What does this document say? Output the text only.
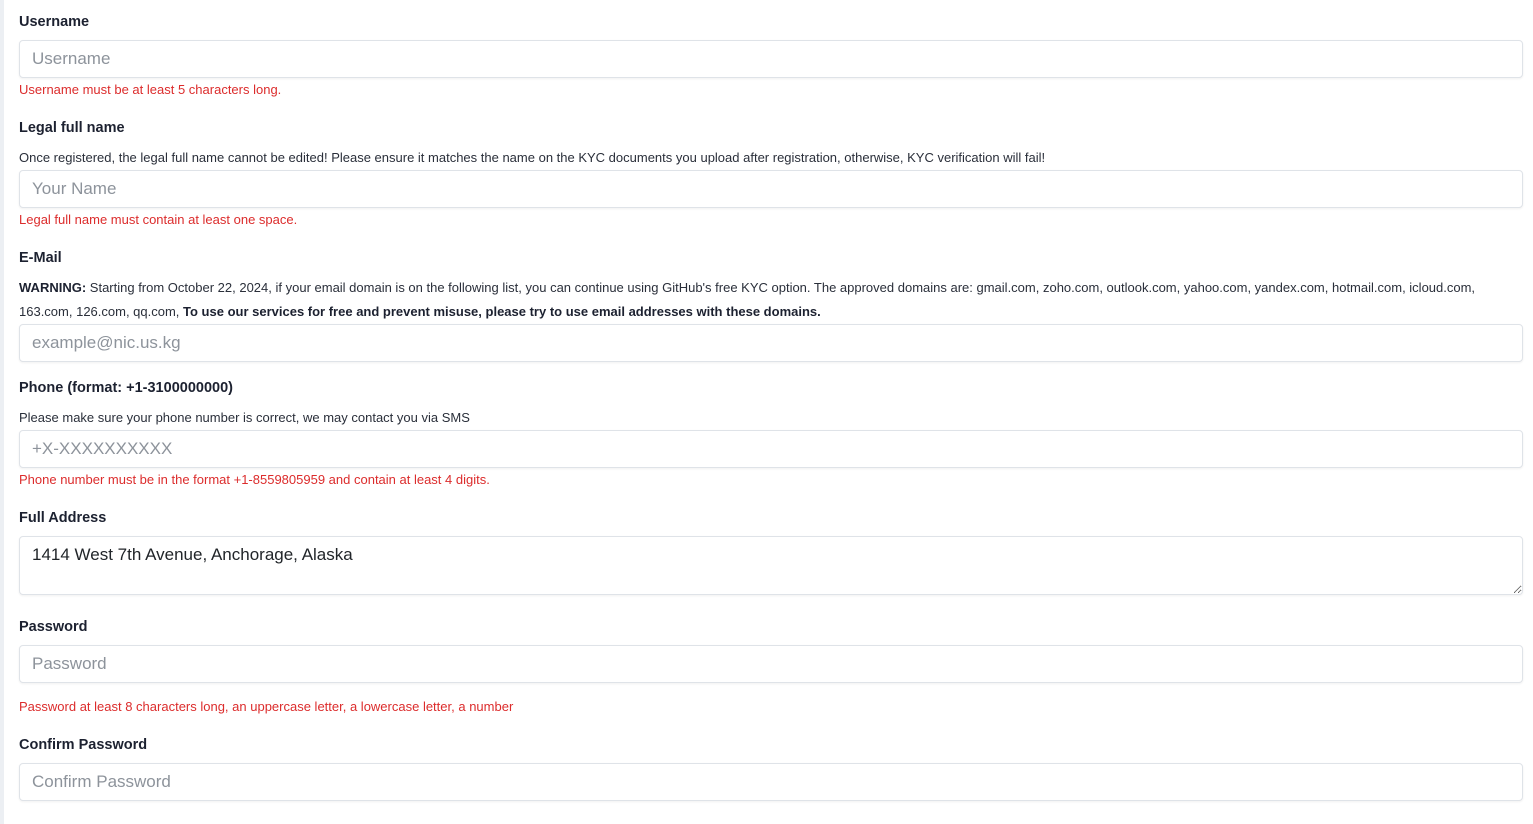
Username
Username
Username must be at least 5 characters long.
Legal full name
Once registered, the legal full name cannot be edited! Please ensure it matches the name on the KYC documents you upload after registration, otherwise, KYC verification will fail!
Your Name
Legal full name must contain at least one space.
E-Mail
WARNING: Starting from October 22, 2024, if your email domain is on the following list, you can continue using GitHub's free KYC option. The approved domains are: gmail.com, zoho.com, outlook.com, yahoo.com, yandex.com, hotmail.com, icloud.com, 163.com, 126.com, qq.com, To use our services for free and prevent misuse, please try to use email addresses with these domains.
example@nic.us.kg
Phone (format: +1-3100000000)
Please make sure your phone number is correct, we may contact you via SMS
+X-XXXXXXXXXX
Phone number must be in the format +1-8559805959 and contain at least 4 digits.
Full Address
1414 West 7th Avenue, Anchorage, Alaska
Password
Password at least 8 characters long, an uppercase letter, a lowercase letter, a number
Confirm Password
